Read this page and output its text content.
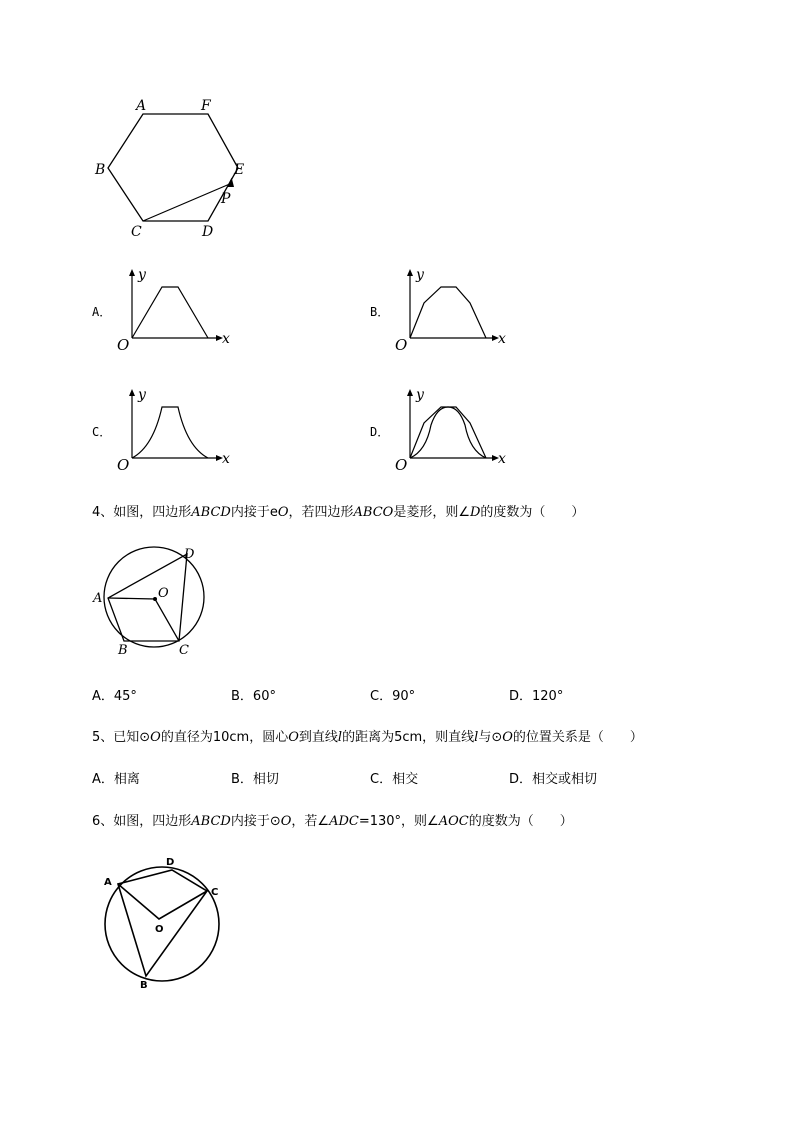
A	F
B	E
P
C	D
A．
y
x
O
B．
y
x
O
C．
y
x
O
D．
y
x
O
4、如图，四边形ABCD内接于eO，若四边形ABCO是菱形，则∠D的度数为（　　）
A
B	C
D
O
A．45°	B．60°	C．90°	D．120°
5、已知⊙O的直径为10cm，圆心O到直线l的距离为5cm，则直线l与⊙O的位置关系是（　　）
A．相离	B．相切	C．相交	D．相交或相切
6、如图，四边形ABCD内接于⊙O，若∠ADC=130°，则∠AOC的度数为（　　）
A
B
C
D
O
